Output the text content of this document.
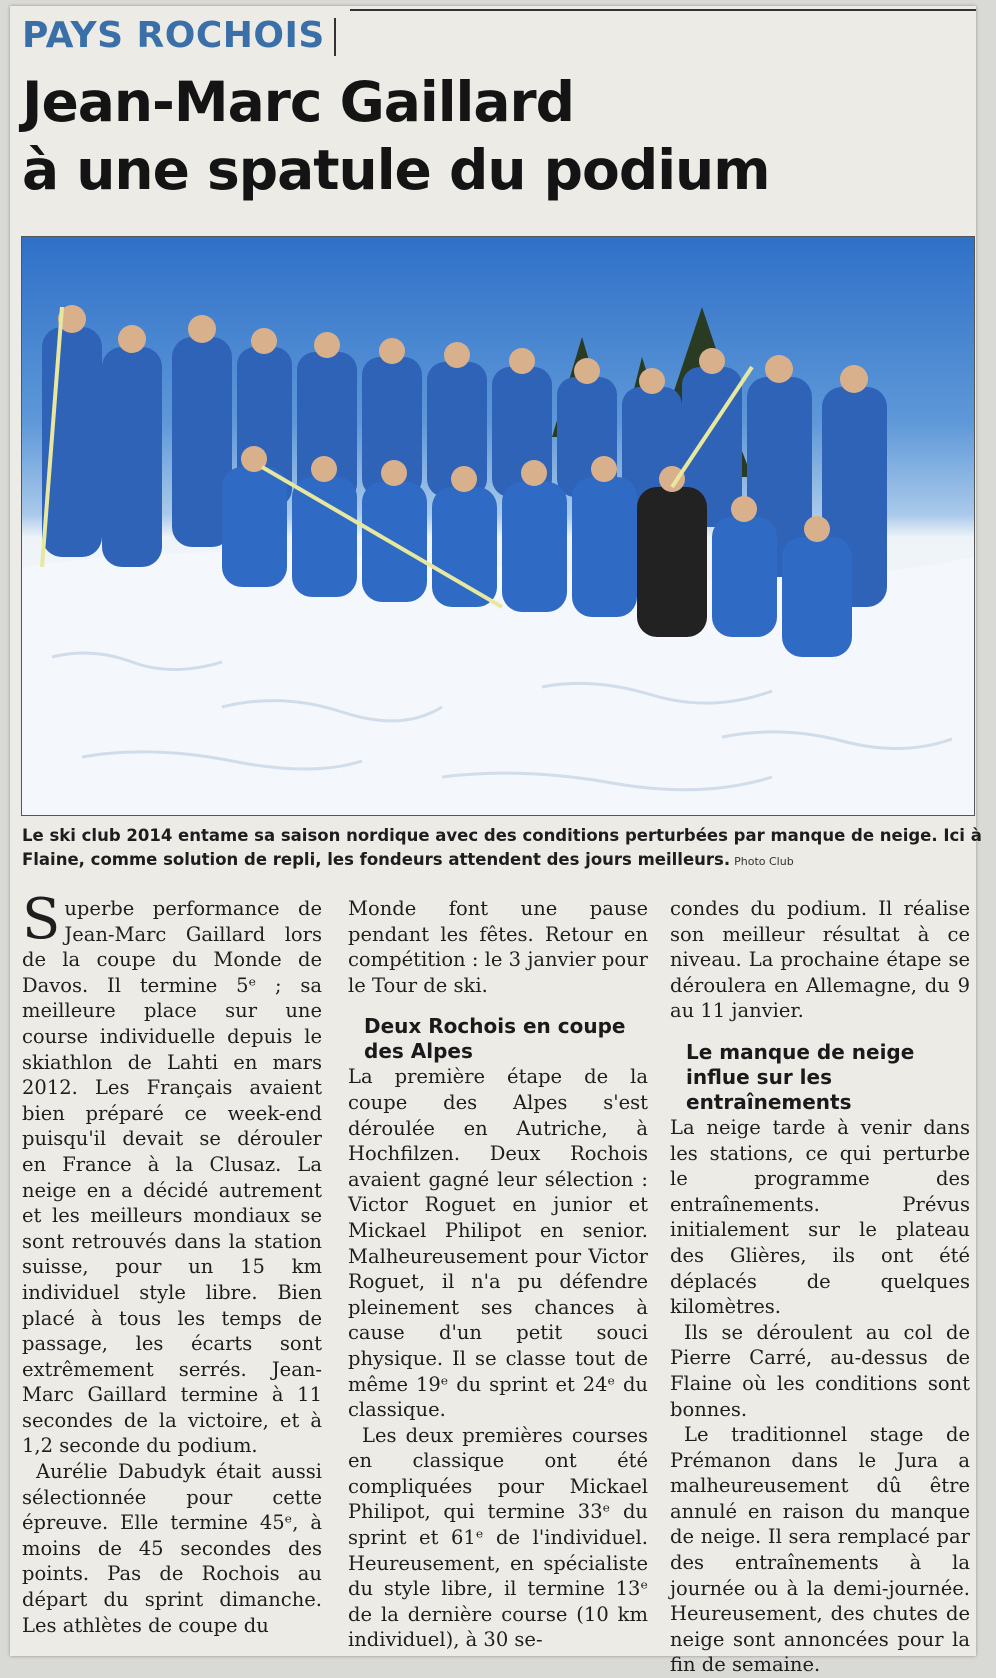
PAYS ROCHOIS
Jean-Marc Gaillard
à une spatule du podium
Le ski club 2014 entame sa saison nordique avec des conditions perturbées par manque de neige. Ici à Flaine, comme solution de repli, les fondeurs attendent des jours meilleurs. Photo Club

Superbe performance de Jean-Marc Gaillard lors de la coupe du Monde de Davos. Il termine 5ᵉ ; sa meilleure place sur une course individuelle depuis le skiathlon de Lahti en mars 2012. Les Français avaient bien préparé ce week-end puisqu'il devait se dérouler en France à la Clusaz. La neige en a décidé autrement et les meilleurs mondiaux se sont retrouvés dans la station suisse, pour un 15 km individuel style libre. Bien placé à tous les temps de passage, les écarts sont extrêmement serrés. Jean-Marc Gaillard termine à 11 secondes de la victoire, et à 1,2 seconde du podium.

Aurélie Dabudyk était aussi sélectionnée pour cette épreuve. Elle termine 45ᵉ, à moins de 45 secondes des points. Pas de Rochois au départ du sprint dimanche. Les athlètes de coupe du

Monde font une pause pendant les fêtes. Retour en compétition : le 3 janvier pour le Tour de ski.

Deux Rochois en coupe des Alpes

La première étape de la coupe des Alpes s'est déroulée en Autriche, à Hochfilzen. Deux Rochois avaient gagné leur sélection : Victor Roguet en junior et Mickael Philipot en senior. Malheureusement pour Victor Roguet, il n'a pu défendre pleinement ses chances à cause d'un petit souci physique. Il se classe tout de même 19ᵉ du sprint et 24ᵉ du classique.

Les deux premières courses en classique ont été compliquées pour Mickael Philipot, qui termine 33ᵉ du sprint et 61ᵉ de l'individuel. Heureusement, en spécialiste du style libre, il termine 13ᵉ de la dernière course (10 km individuel), à 30 se-

condes du podium. Il réalise son meilleur résultat à ce niveau. La prochaine étape se déroulera en Allemagne, du 9 au 11 janvier.

Le manque de neige influe sur les entraînements

La neige tarde à venir dans les stations, ce qui perturbe le programme des entraînements. Prévus initialement sur le plateau des Glières, ils ont été déplacés de quelques kilomètres.

Ils se déroulent au col de Pierre Carré, au-dessus de Flaine où les conditions sont bonnes.

Le traditionnel stage de Prémanon dans le Jura a malheureusement dû être annulé en raison du manque de neige. Il sera remplacé par des entraînements à la journée ou à la demi-journée. Heureusement, des chutes de neige sont annoncées pour la fin de semaine.
